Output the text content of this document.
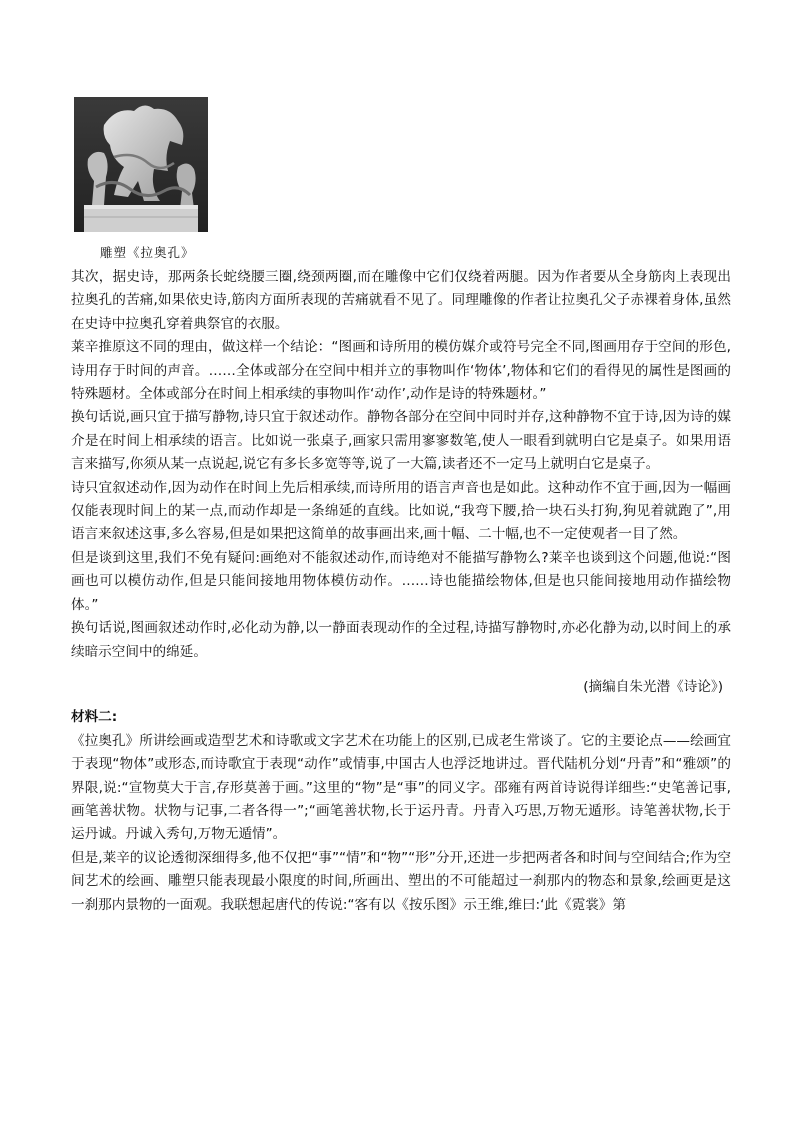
雕塑《拉奥孔》

其次，据史诗，那两条长蛇绕腰三圈,绕颈两圈,而在雕像中它们仅绕着两腿。因为作者要从全身筋肉上表现出拉奥孔的苦痛,如果依史诗,筋肉方面所表现的苦痛就看不见了。同理雕像的作者让拉奥孔父子赤裸着身体,虽然在史诗中拉奥孔穿着典祭官的衣服。

莱辛推原这不同的理由，做这样一个结论：“图画和诗所用的模仿媒介或符号完全不同,图画用存于空间的形色,诗用存于时间的声音。……全体或部分在空间中相并立的事物叫作‘物体’,物体和它们的看得见的属性是图画的特殊题材。全体或部分在时间上相承续的事物叫作‘动作’,动作是诗的特殊题材。”

换句话说,画只宜于描写静物,诗只宜于叙述动作。静物各部分在空间中同时并存,这种静物不宜于诗,因为诗的媒介是在时间上相承续的语言。比如说一张桌子,画家只需用寥寥数笔,使人一眼看到就明白它是桌子。如果用语言来描写,你须从某一点说起,说它有多长多宽等等,说了一大篇,读者还不一定马上就明白它是桌子。

诗只宜叙述动作,因为动作在时间上先后相承续,而诗所用的语言声音也是如此。这种动作不宜于画,因为一幅画仅能表现时间上的某一点,而动作却是一条绵延的直线。比如说,“我弯下腰,拾一块石头打狗,狗见着就跑了”,用语言来叙述这事,多么容易,但是如果把这简单的故事画出来,画十幅、二十幅,也不一定使观者一目了然。

但是谈到这里,我们不免有疑问:画绝对不能叙述动作,而诗绝对不能描写静物么?莱辛也谈到这个问题,他说:“图画也可以模仿动作,但是只能间接地用物体模仿动作。……诗也能描绘物体,但是也只能间接地用动作描绘物体。”

换句话说,图画叙述动作时,必化动为静,以一静面表现动作的全过程,诗描写静物时,亦必化静为动,以时间上的承续暗示空间中的绵延。

(摘编自朱光潜《诗论》)

材料二:

《拉奥孔》所讲绘画或造型艺术和诗歌或文字艺术在功能上的区别,已成老生常谈了。它的主要论点——绘画宜于表现“物体”或形态,而诗歌宜于表现“动作”或情事,中国古人也浮泛地讲过。晋代陆机分划“丹青”和“雅颂”的界限,说:“宣物莫大于言,存形莫善于画。”这里的“物”是“事”的同义字。邵雍有两首诗说得详细些:“史笔善记事,画笔善状物。状物与记事,二者各得一”;“画笔善状物,长于运丹青。丹青入巧思,万物无遁形。诗笔善状物,长于运丹诚。丹诚入秀句,万物无遁情”。

但是,莱辛的议论透彻深细得多,他不仅把“事”“情”和“物”“形”分开,还进一步把两者各和时间与空间结合;作为空间艺术的绘画、雕塑只能表现最小限度的时间,所画出、塑出的不可能超过一刹那内的物态和景象,绘画更是这一刹那内景物的一面观。我联想起唐代的传说:“客有以《按乐图》示王维,维曰:‘此《霓裳》第
